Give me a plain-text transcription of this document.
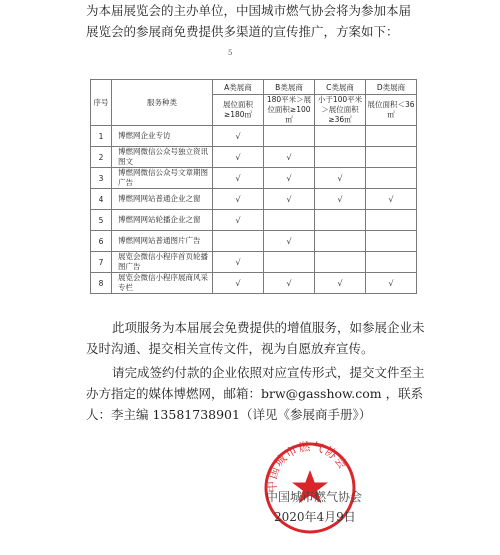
为本届展览会的主办单位，中国城市燃气协会将为参加本届
展览会的参展商免费提供多渠道的宣传推广，方案如下：
5
序号	服务种类	A类展商	B类展商	C类展商	D类展商
		展位面积≥180㎡	180平米＞展位面积≥100㎡	小于100平米＞展位面积≥36㎡	展位面积＜36㎡
1	博燃网企业专访	√			
2	博燃网微信公众号独立资讯图文	√	√		
3	博燃网微信公众号文章期图广告	√	√	√	
4	博燃网网站普通企业之窗	√	√	√	√
5	博燃网网站轮播企业之窗	√			
6	博燃网网站普通图片广告		√		
7	展览会微信小程序首页轮播图广告	√			
8	展览会微信小程序展商风采专栏	√	√	√	√
此项服务为本届展会免费提供的增值服务，如参展企业未及时沟通、提交相关宣传文件，视为自愿放弃宣传。
请完成签约付款的企业依照对应宣传形式，提交文件至主办方指定的媒体博燃网，邮箱：brw@gasshow.com ，联系人：李主编 13581738901（详见《参展商手册》）
中国城市燃气协会
中国城市燃气协会
2020年4月9日
